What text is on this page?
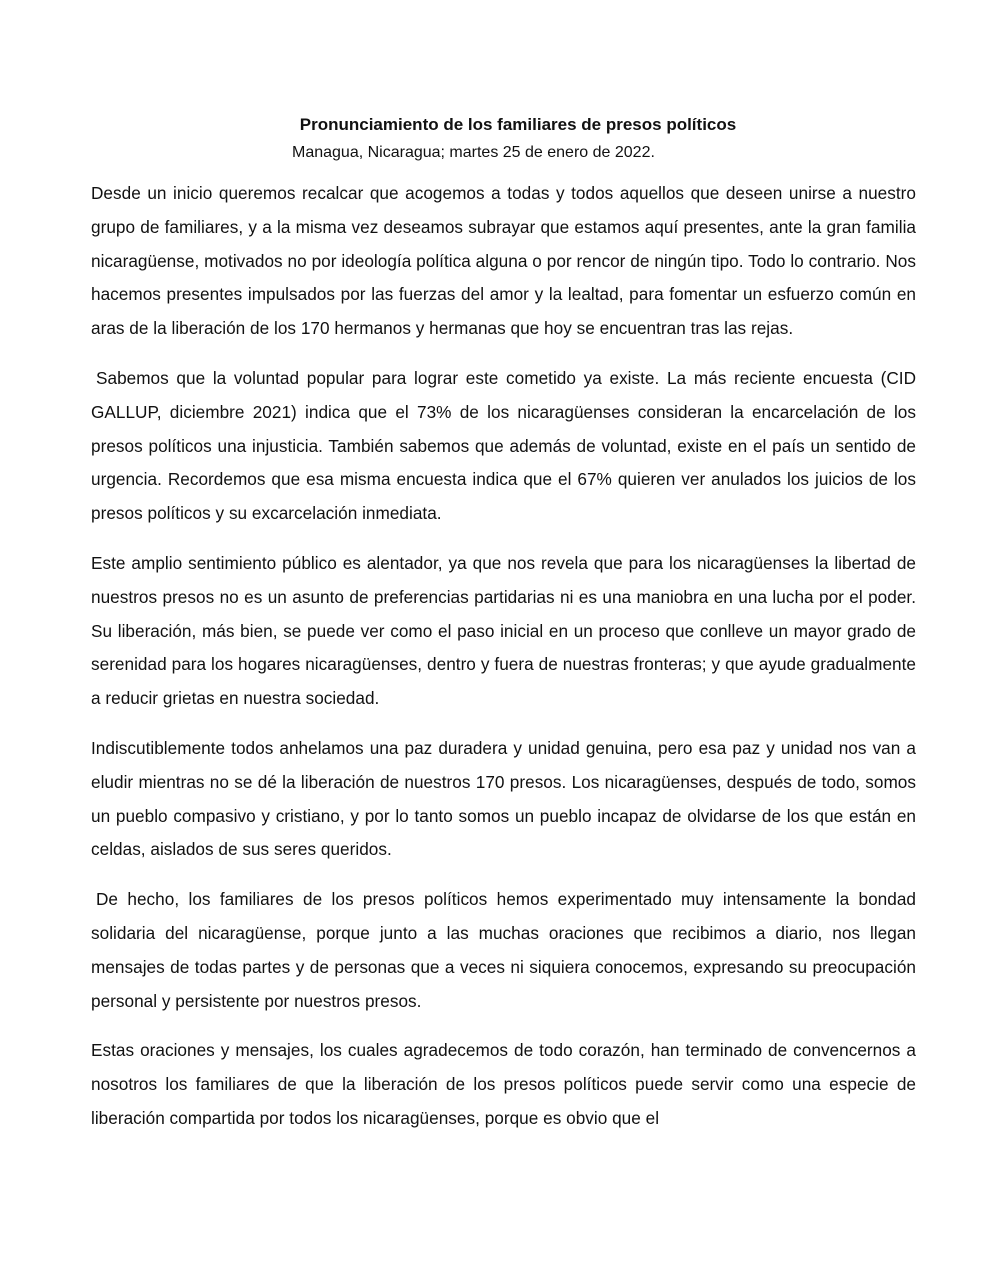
Pronunciamiento de los familiares de presos políticos

Managua, Nicaragua; martes 25 de enero de 2022.

Desde un inicio queremos recalcar que acogemos a todas y todos aquellos que deseen unirse a nuestro grupo de familiares, y a la misma vez deseamos subrayar que estamos aquí presentes, ante la gran familia nicaragüense, motivados no por ideología política alguna o por rencor de ningún tipo. Todo lo contrario. Nos hacemos presentes impulsados por las fuerzas del amor y la lealtad, para fomentar un esfuerzo común en aras de la liberación de los 170 hermanos y hermanas que hoy se encuentran tras las rejas.

Sabemos que la voluntad popular para lograr este cometido ya existe. La más reciente encuesta (CID GALLUP, diciembre 2021) indica que el 73% de los nicaragüenses consideran la encarcelación de los presos políticos una injusticia. También sabemos que además de voluntad, existe en el país un sentido de urgencia. Recordemos que esa misma encuesta indica que el 67% quieren ver anulados los juicios de los presos políticos y su excarcelación inmediata.

Este amplio sentimiento público es alentador, ya que nos revela que para los nicaragüenses la libertad de nuestros presos no es un asunto de preferencias partidarias ni es una maniobra en una lucha por el poder. Su liberación, más bien, se puede ver como el paso inicial en un proceso que conlleve un mayor grado de serenidad para los hogares nicaragüenses, dentro y fuera de nuestras fronteras; y que ayude gradualmente a reducir grietas en nuestra sociedad.

Indiscutiblemente todos anhelamos una paz duradera y unidad genuina, pero esa paz y unidad nos van a eludir mientras no se dé la liberación de nuestros 170 presos. Los nicaragüenses, después de todo, somos un pueblo compasivo y cristiano, y por lo tanto somos un pueblo incapaz de olvidarse de los que están en celdas, aislados de sus seres queridos.

De hecho, los familiares de los presos políticos hemos experimentado muy intensamente la bondad solidaria del nicaragüense, porque junto a las muchas oraciones que recibimos a diario, nos llegan mensajes de todas partes y de personas que a veces ni siquiera conocemos, expresando su preocupación personal y persistente por nuestros presos.

Estas oraciones y mensajes, los cuales agradecemos de todo corazón, han terminado de convencernos a nosotros los familiares de que la liberación de los presos políticos puede servir como una especie de liberación compartida por todos los nicaragüenses, porque es obvio que el
